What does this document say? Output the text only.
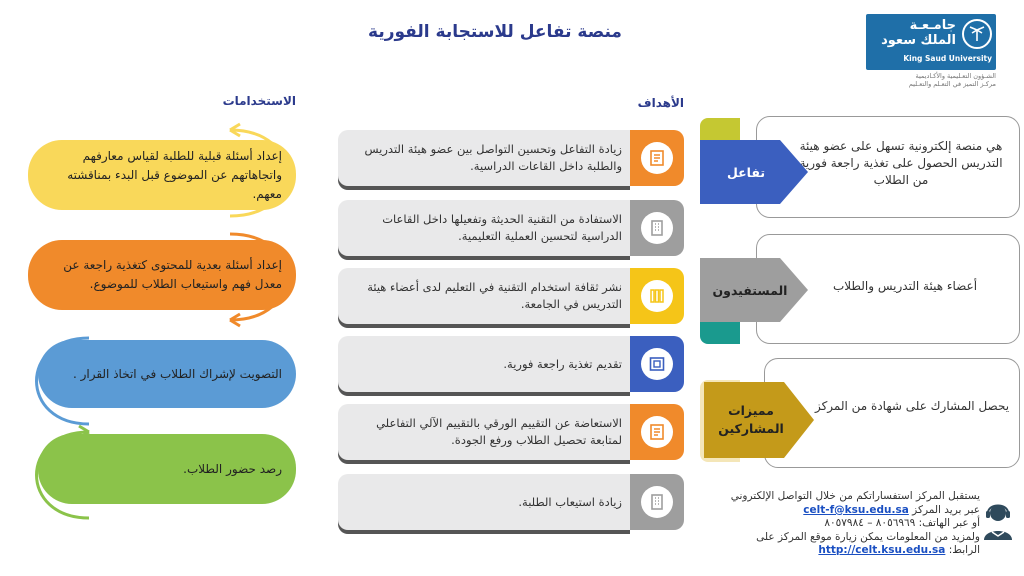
منصة تفاعل للاستجابة الفورية	جامـعـة الملك سعود
King Saud University
الشـؤون التعـليمية والأكـاديمية
مركـز التميز في التعـلم والتعـليم
الاستخدامات	الأهداف
زيادة التفاعل وتحسين التواصل بين عضو هيئة التدريس والطلبة داخل القاعات الدراسية.
الاستفادة من التقنية الحديثة وتفعيلها داخل القاعات الدراسية لتحسين العملية التعليمية.
نشر ثقافة استخدام التقنية في التعليم لدى أعضاء هيئة التدريس في الجامعة.
تقديم تغذية راجعة فورية.
الاستعاضة عن التقييم الورقي بالتقييم الآلي التفاعلي لمتابعة تحصيل الطلاب ورفع الجودة.
زيادة استيعاب الطلبة.
إعداد أسئلة قبلية للطلبة لقياس معارفهم واتجاهاتهم عن الموضوع قبل البدء بمناقشته معهم.
إعداد أسئلة بعدية للمحتوى كتغذية راجعة عن معدل فهم واستيعاب الطلاب للموضوع.
التصويت لإشراك الطلاب في اتخاذ القرار .
رصد حضور الطلاب.
هي منصة إلكترونية تسهل على عضو هيئة التدريس الحصول على تغذية راجعة فورية من الطلاب
تفاعل
أعضاء هيئة التدريس والطلاب
المستفيدون
يحصل المشارك على شهادة من المركز
مميزات المشاركين
يستقبل المركز استفساراتكم من خلال التواصل الإلكتروني
عبر بريد المركز celt-f@ksu.edu.sa
أو عبر الهاتف: ٨٠٥٦٩٦٩ – ٨٠٥٧٩٨٤
ولمزيد من المعلومات يمكن زيارة موقع المركز على
الرابط: http://celt.ksu.edu.sa
